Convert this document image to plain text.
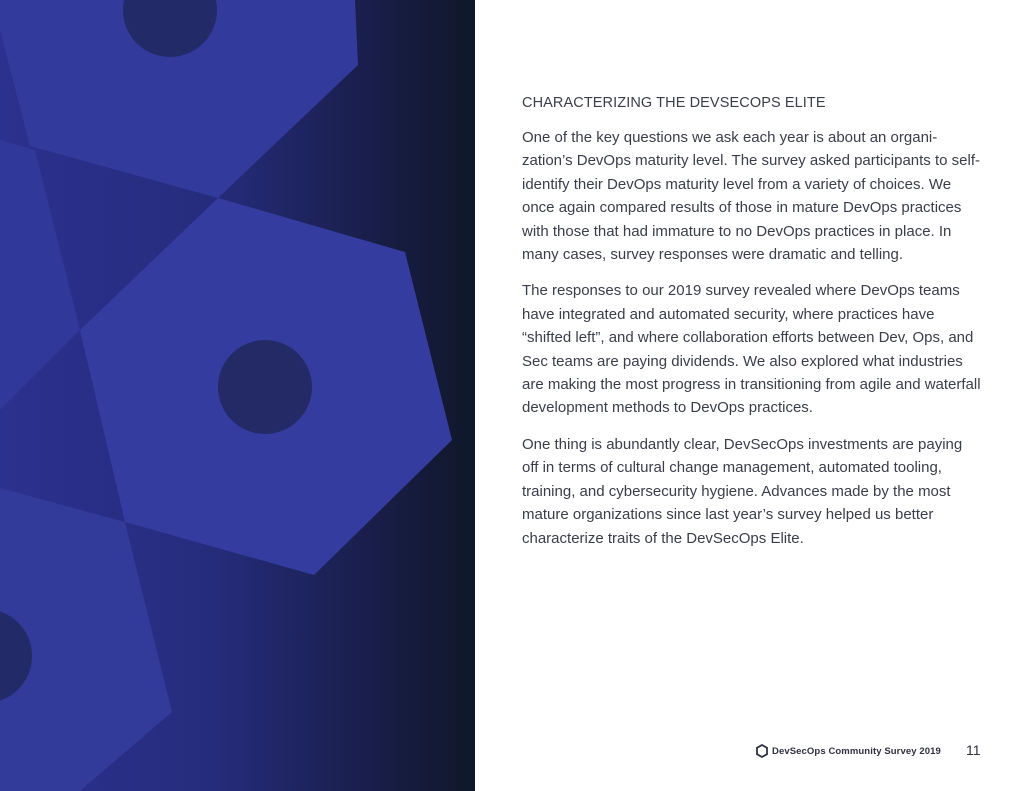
CHARACTERIZING THE DEVSECOPS ELITE

One of the key questions we ask each year is about an organi-zation’s DevOps maturity level. The survey asked participants to self-identify their DevOps maturity level from a variety of choices. We once again compared results of those in mature DevOps practices with those that had immature to no DevOps practices in place. In many cases, survey responses were dramatic and telling.

The responses to our 2019 survey revealed where DevOps teams have integrated and automated security, where practices have “shifted left”, and where collaboration efforts between Dev, Ops, and Sec teams are paying dividends. We also explored what industries are making the most progress in transitioning from agile and waterfall development methods to DevOps practices.

One thing is abundantly clear, DevSecOps investments are paying off in terms of cultural change management, automated tooling, training, and cybersecurity hygiene. Advances made by the most mature organizations since last year’s survey helped us better characterize traits of the DevSecOps Elite.

DevSecOps Community Survey 2019 11
